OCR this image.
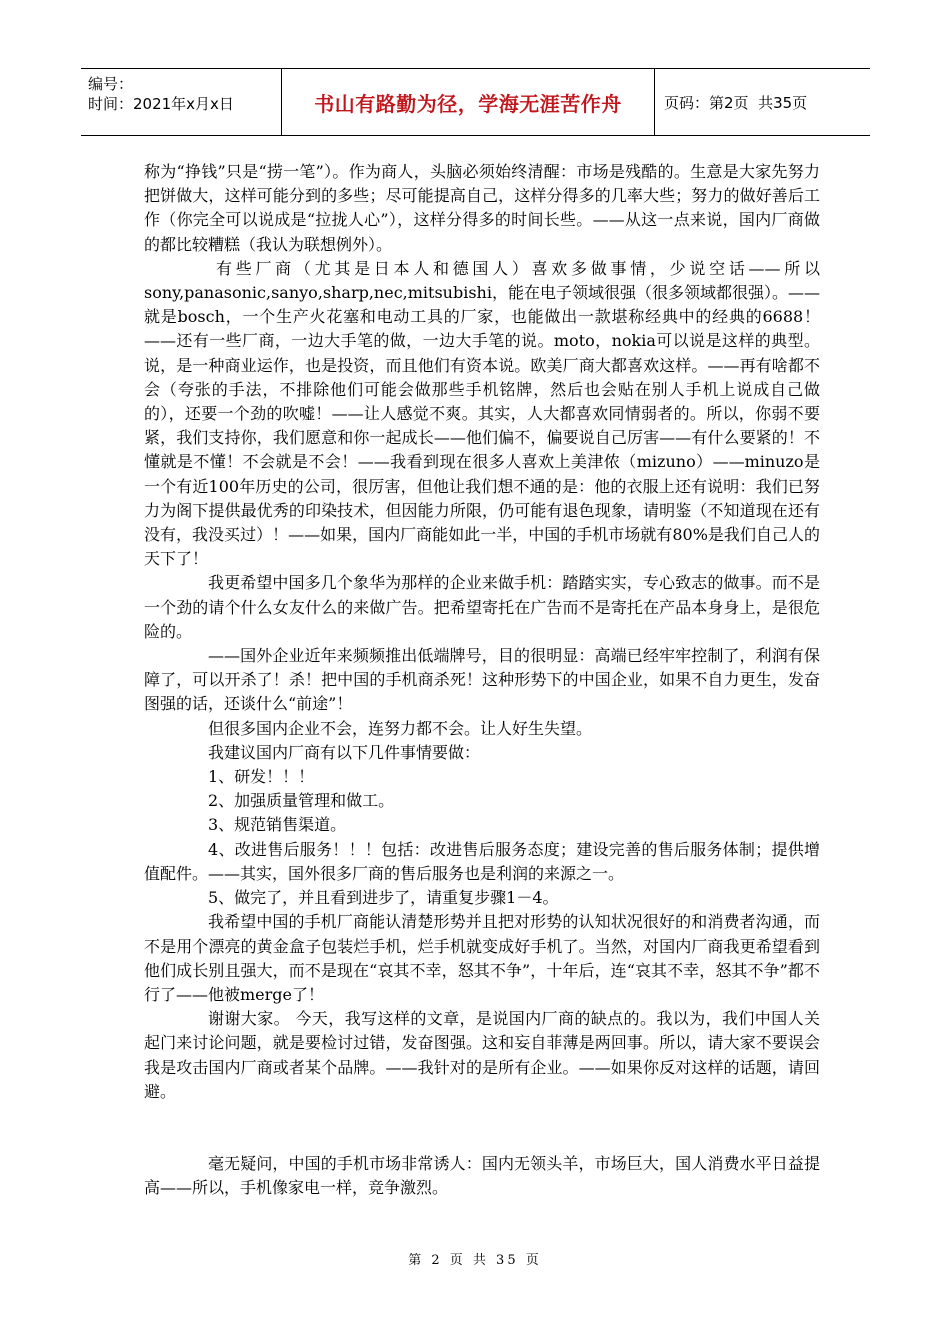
编号：
时间：2021年x月x日	书山有路勤为径，学海无涯苦作舟	页码：第2页  共35页

称为“挣钱”只是“捞一笔”）。作为商人，头脑必须始终清醒：市场是残酷的。生意是大家先努力把饼做大，这样可能分到的多些；尽可能提高自己，这样分得多的几率大些；努力的做好善后工作（你完全可以说成是“拉拢人心”），这样分得多的时间长些。——从这一点来说，国内厂商做的都比较糟糕（我认为联想例外）。

有些厂商（尤其是日本人和德国人）喜欢多做事情，少说空话——所以sony,panasonic,sanyo,sharp,nec,mitsubishi，能在电子领域很强（很多领域都很强）。——就是bosch，一个生产火花塞和电动工具的厂家，也能做出一款堪称经典中的经典的6688！——还有一些厂商，一边大手笔的做，一边大手笔的说。moto，nokia可以说是这样的典型。说，是一种商业运作，也是投资，而且他们有资本说。欧美厂商大都喜欢这样。——再有啥都不会（夸张的手法，不排除他们可能会做那些手机铭牌，然后也会贴在别人手机上说成自己做的），还要一个劲的吹嘘！——让人感觉不爽。其实，人大都喜欢同情弱者的。所以，你弱不要紧，我们支持你，我们愿意和你一起成长——他们偏不，偏要说自己厉害——有什么要紧的！不懂就是不懂！不会就是不会！——我看到现在很多人喜欢上美津侬（mizuno）——minuzo是一个有近100年历史的公司，很厉害，但他让我们想不通的是：他的衣服上还有说明：我们已努力为阁下提供最优秀的印染技术，但因能力所限，仍可能有退色现象，请明鉴（不知道现在还有没有，我没买过）！——如果，国内厂商能如此一半，中国的手机市场就有80%是我们自己人的天下了！

我更希望中国多几个象华为那样的企业来做手机：踏踏实实，专心致志的做事。而不是一个劲的请个什么女友什么的来做广告。把希望寄托在广告而不是寄托在产品本身身上，是很危险的。

——国外企业近年来频频推出低端牌号，目的很明显：高端已经牢牢控制了，利润有保障了，可以开杀了！杀！把中国的手机商杀死！这种形势下的中国企业，如果不自力更生，发奋图强的话，还谈什么“前途”！

但很多国内企业不会，连努力都不会。让人好生失望。

我建议国内厂商有以下几件事情要做：

1、研发！！！

2、加强质量管理和做工。

3、规范销售渠道。

4、改进售后服务！！！包括：改进售后服务态度；建设完善的售后服务体制；提供增值配件。——其实，国外很多厂商的售后服务也是利润的来源之一。

5、做完了，并且看到进步了，请重复步骤1－4。

我希望中国的手机厂商能认清楚形势并且把对形势的认知状况很好的和消费者沟通，而不是用个漂亮的黄金盒子包装烂手机，烂手机就变成好手机了。当然，对国内厂商我更希望看到他们成长别且强大，而不是现在“哀其不幸，怒其不争”，十年后，连“哀其不幸，怒其不争”都不行了——他被merge了！

谢谢大家。 今天，我写这样的文章，是说国内厂商的缺点的。我以为，我们中国人关起门来讨论问题，就是要检讨过错，发奋图强。这和妄自菲薄是两回事。所以，请大家不要误会我是攻击国内厂商或者某个品牌。——我针对的是所有企业。——如果你反对这样的话题，请回避。

毫无疑问，中国的手机市场非常诱人：国内无领头羊，市场巨大，国人消费水平日益提高——所以，手机像家电一样，竞争激烈。

第 2 页 共 35 页
